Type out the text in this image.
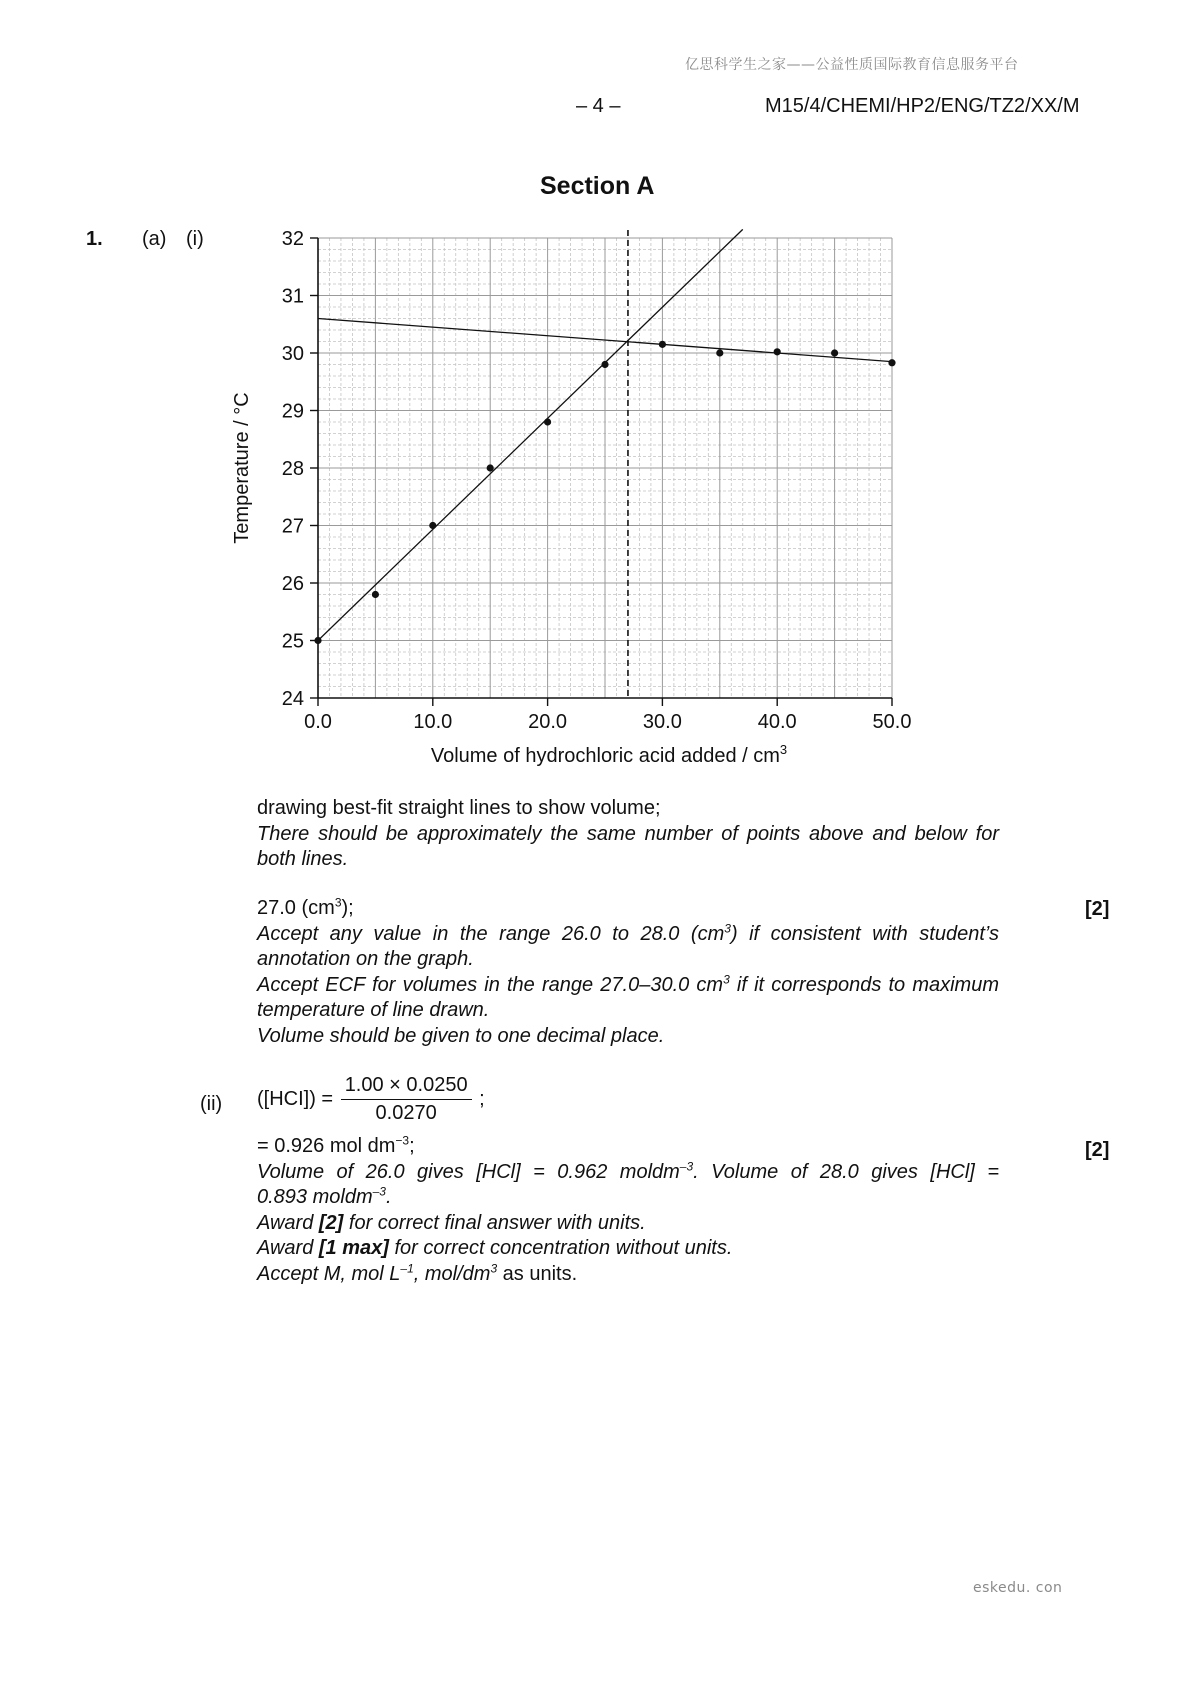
亿思科学生之家——公益性质国际教育信息服务平台
– 4 –	M15/4/CHEMI/HP2/ENG/TZ2/XX/M
Section A
1. (a) (i)
0.0	10.0	20.0	30.0	40.0	50.0
24
25
26
27
28
29
30
31
32
Temperature / °C
Volume of hydrochloric acid added / $cm^3$
drawing best-fit straight lines to show volume;
There should be approximately the same number of points above and below for both lines.
27.0 $(cm^3)$;
Accept any value in the range 26.0 to 28.0 $(cm^3)$ if consistent with student’s annotation on the graph.
Accept ECF for volumes in the range 27.0–30.0 $cm^3$ if it corresponds to maximum temperature of line drawn.
Volume should be given to one decimal place.
[2]
(ii) $([HCI]) = \frac{1.00 \times 0.0250}{0.0270}$ ;
= 0.926 mol $dm^{-3}$;
Volume of 26.0 gives [HCl] = 0.962 moldm$^{-3}$. Volume of 28.0 gives [HCl] =
0.893 moldm$^{-3}$.
Award [2] for correct final answer with units.
Award [1 max] for correct concentration without units.
Accept M, mol $L^{-1}$, mol/$dm^3$ as units.
[2]
eskedu. con
